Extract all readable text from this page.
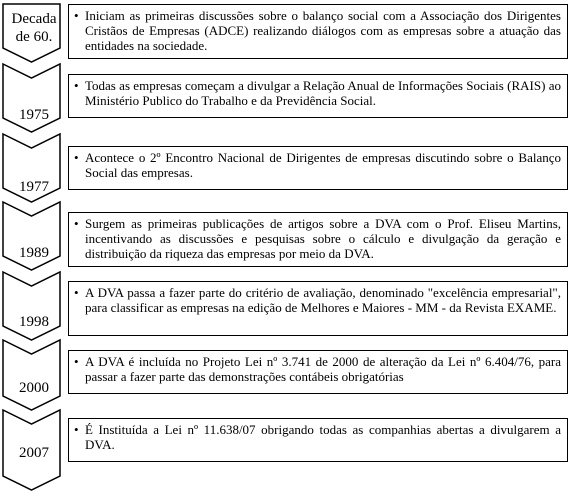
Decada
de 60.
• Iniciam as primeiras discussões sobre o balanço social com a Associação dos Dirigentes Cristãos de Empresas (ADCE) realizando diálogos com as empresas sobre a atuação das entidades na sociedade.
1975
• Todas as empresas começam a divulgar a Relação Anual de Informações Sociais (RAIS) ao Ministério Publico do Trabalho e da Previdência Social.
1977
• Acontece o 2º Encontro Nacional de Dirigentes de empresas discutindo sobre o Balanço Social das empresas.
1989
• Surgem as primeiras publicações de artigos sobre a DVA com o Prof. Eliseu Martins, incentivando as discussões e pesquisas sobre o cálculo e divulgação da geração e distribuição da riqueza das empresas por meio da DVA.
1998
• A DVA passa a fazer parte do critério de avaliação, denominado "excelência empresarial", para classificar as empresas na edição de Melhores e Maiores - MM - da Revista EXAME.
2000
• A DVA é incluída no Projeto Lei nº 3.741 de 2000 de alteração da Lei nº 6.404/76, para passar a fazer parte das demonstrações contábeis obrigatórias
2007
• É Instituída a Lei nº 11.638/07 obrigando todas as companhias abertas a divulgarem a DVA.
